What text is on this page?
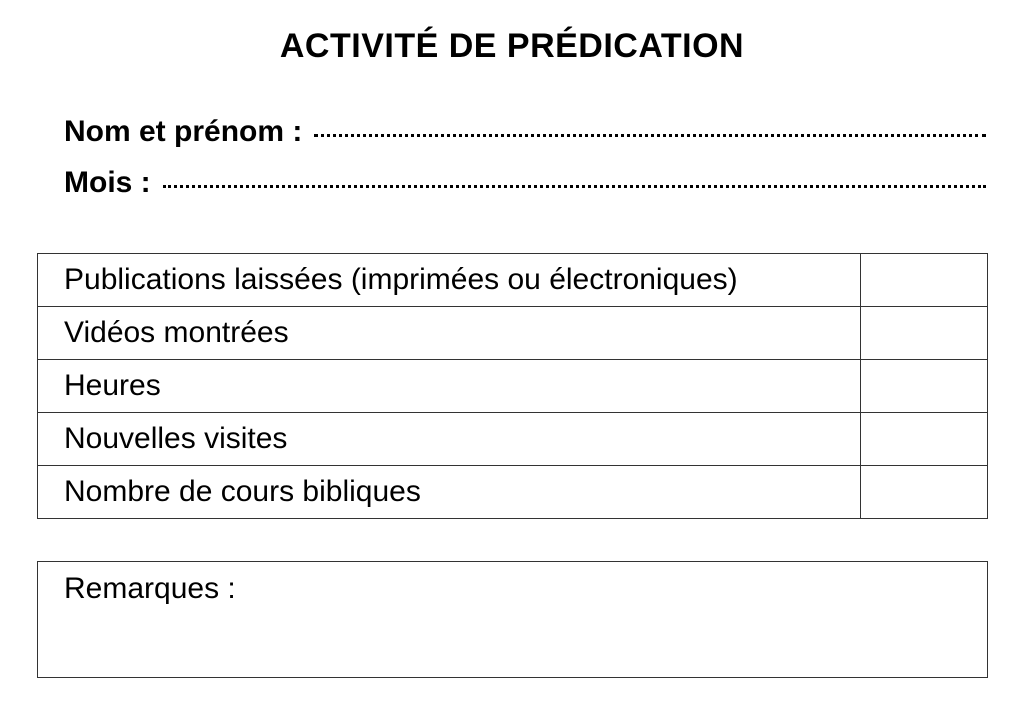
ACTIVITÉ DE PRÉDICATION
Nom et prénom :
Mois :
Publications laissées (imprimées ou électroniques)	
Vidéos montrées	
Heures	
Nouvelles visites	
Nombre de cours bibliques	
Remarques :
